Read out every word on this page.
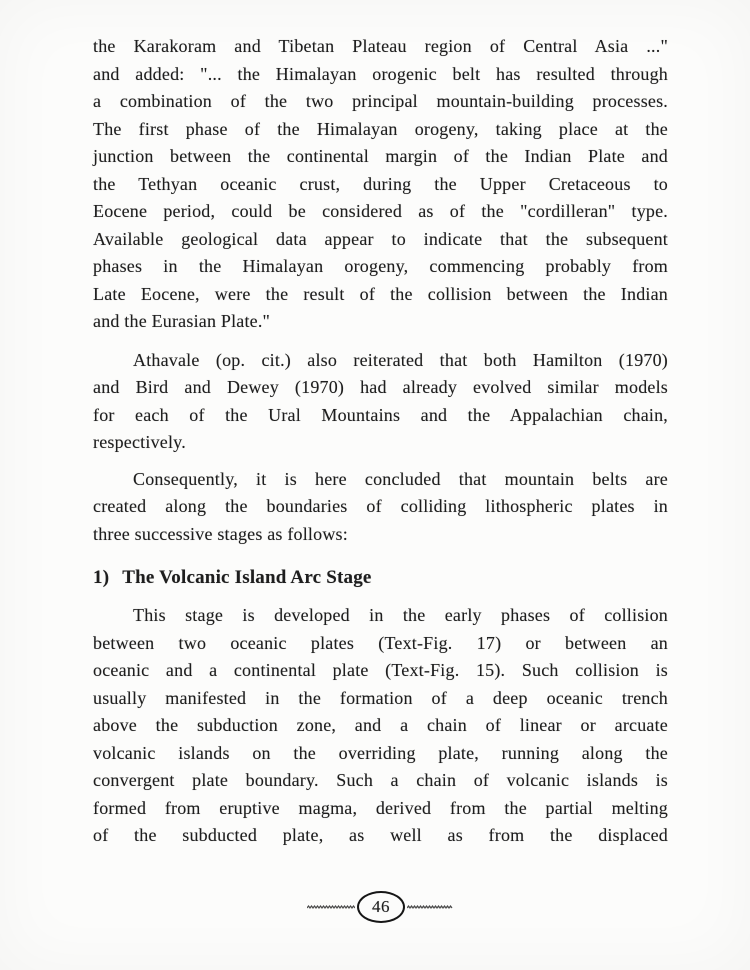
the Karakoram and Tibetan Plateau region of Central Asia ..."
and added: "... the Himalayan orogenic belt has resulted through
a combination of the two principal mountain-building processes.
The first phase of the Himalayan orogeny, taking place at the
junction between the continental margin of the Indian Plate and
the Tethyan oceanic crust, during the Upper Cretaceous to
Eocene period, could be considered as of the "cordilleran" type.
Available geological data appear to indicate that the subsequent
phases in the Himalayan orogeny, commencing probably from
Late Eocene, were the result of the collision between the Indian
and the Eurasian Plate."
Athavale (op. cit.) also reiterated that both Hamilton (1970)
and Bird and Dewey (1970) had already evolved similar models
for each of the Ural Mountains and the Appalachian chain,
respectively.
Consequently, it is here concluded that mountain belts are
created along the boundaries of colliding lithospheric plates in
three successive stages as follows:
1) The Volcanic Island Arc Stage
This stage is developed in the early phases of collision
between two oceanic plates (Text-Fig. 17) or between an
oceanic and a continental plate (Text-Fig. 15). Such collision is
usually manifested in the formation of a deep oceanic trench
above the subduction zone, and a chain of linear or arcuate
volcanic islands on the overriding plate, running along the
convergent plate boundary. Such a chain of volcanic islands is
formed from eruptive magma, derived from the partial melting
of the subducted plate, as well as from the displaced
46
